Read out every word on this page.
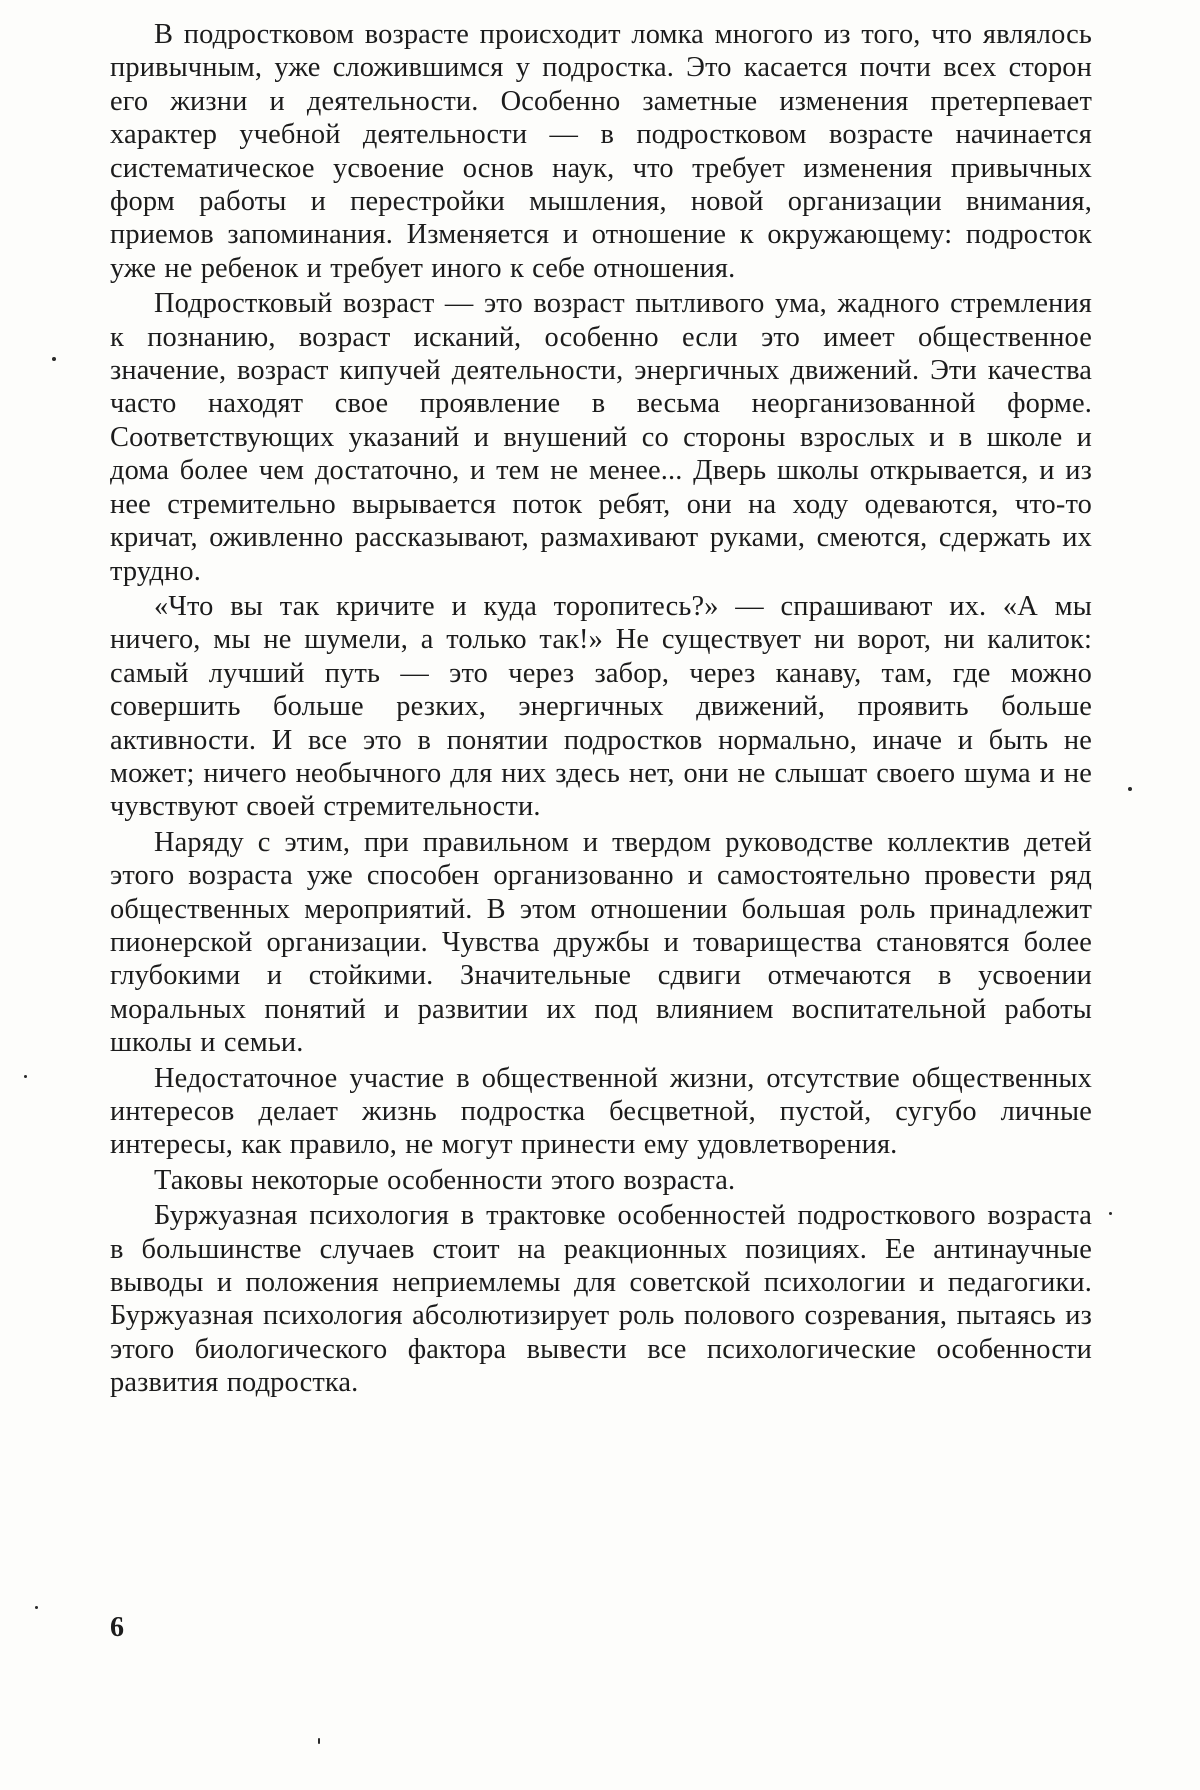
В подростковом возрасте происходит ломка многого из того, что являлось привычным, уже сложившимся у подростка. Это касается почти всех сторон его жизни и деятельности. Особенно заметные изменения претерпевает характер учебной деятельности — в подростковом возрасте начинается систематическое усвоение основ наук, что требует изменения привычных форм работы и перестройки мышления, новой организации внимания, приемов запоминания. Изменяется и отношение к окружающему: подросток уже не ребенок и требует иного к себе отношения.

Подростковый возраст — это возраст пытливого ума, жадного стремления к познанию, возраст исканий, особенно если это имеет общественное значение, возраст кипучей деятельности, энергичных движений. Эти качества часто находят свое проявление в весьма неорганизованной форме. Соответствующих указаний и внушений со стороны взрослых и в школе и дома более чем достаточно, и тем не менее... Дверь школы открывается, и из нее стремительно вырывается поток ребят, они на ходу одеваются, что-то кричат, оживленно рассказывают, размахивают руками, смеются, сдержать их трудно.

«Что вы так кричите и куда торопитесь?» — спрашивают их. «А мы ничего, мы не шумели, а только так!» Не существует ни ворот, ни калиток: самый лучший путь — это через забор, через канаву, там, где можно совершить больше резких, энергичных движений, проявить больше активности. И все это в понятии подростков нормально, иначе и быть не может; ничего необычного для них здесь нет, они не слышат своего шума и не чувствуют своей стремительности.

Наряду с этим, при правильном и твердом руководстве коллектив детей этого возраста уже способен организованно и самостоятельно провести ряд общественных мероприятий. В этом отношении большая роль принадлежит пионерской организации. Чувства дружбы и товарищества становятся более глубокими и стойкими. Значительные сдвиги отмечаются в усвоении моральных понятий и развитии их под влиянием воспитательной работы школы и семьи.

Недостаточное участие в общественной жизни, отсутствие общественных интересов делает жизнь подростка бесцветной, пустой, сугубо личные интересы, как правило, не могут принести ему удовлетворения.

Таковы некоторые особенности этого возраста.

Буржуазная психология в трактовке особенностей подросткового возраста в большинстве случаев стоит на реакционных позициях. Ее антинаучные выводы и положения неприемлемы для советской психологии и педагогики. Буржуазная психология абсолютизирует роль полового созревания, пытаясь из этого биологического фактора вывести все психологические особенности развития подростка.

6
